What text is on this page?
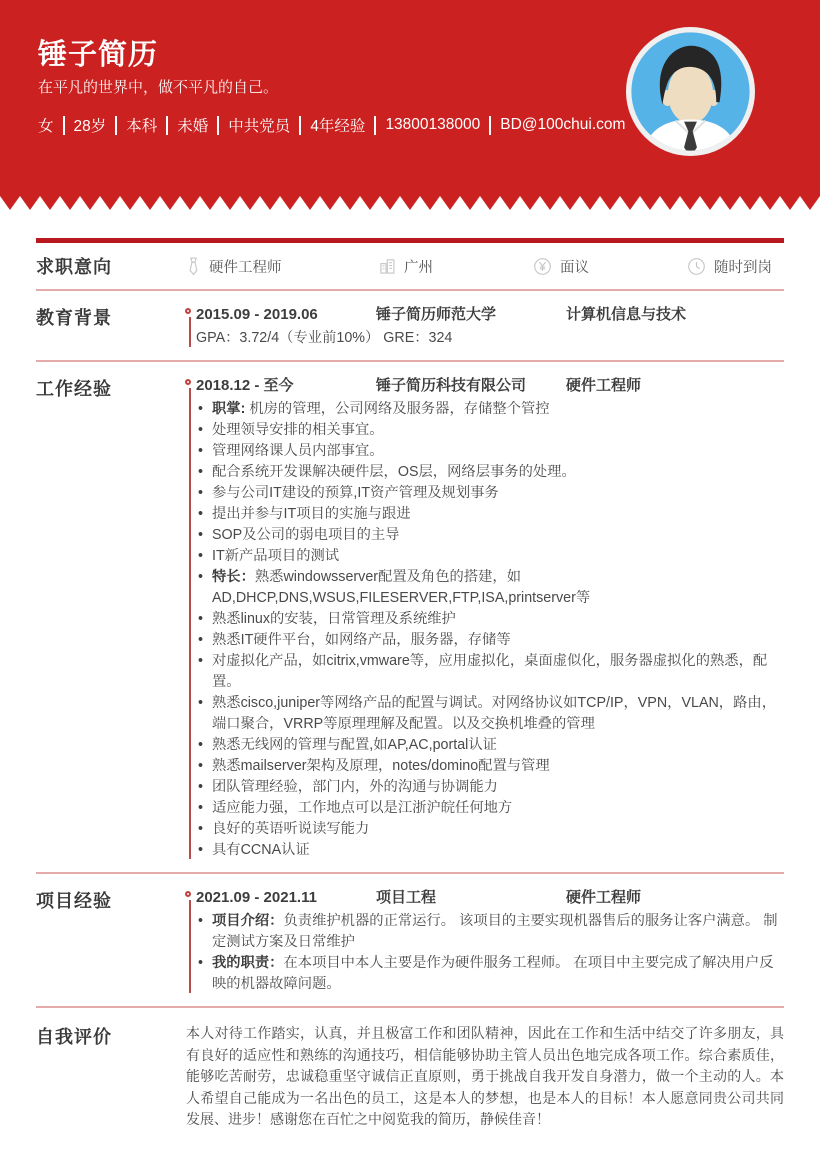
锤子简历
在平凡的世界中，做不平凡的自己。
女 28岁 本科 未婚 中共党员 4年经验 13800138000 BD@100chui.com
求职意向	硬件工程师	广州	面议	随时到岗
教育背景	2015.09 - 2019.06	锤子简历师范大学	计算机信息与技术
GPA：3.72/4（专业前10%） GRE：324
工作经验	2018.12 - 至今	锤子简历科技有限公司	硬件工程师
• 职掌: 机房的管理，公司网络及服务器，存储整个管控
• 处理领导安排的相关事宜。
• 管理网络课人员内部事宜。
• 配合系统开发课解决硬件层，OS层，网络层事务的处理。
• 参与公司IT建设的预算,IT资产管理及规划事务
• 提出并参与IT项目的实施与跟进
• SOP及公司的弱电项目的主导
• IT新产品项目的测试
• 特长：熟悉windowsserver配置及角色的搭建，如AD,DHCP,DNS,WSUS,FILESERVER,FTP,ISA,printserver等
• 熟悉linux的安装，日常管理及系统维护
• 熟悉IT硬件平台，如网络产品，服务器，存储等
• 对虚拟化产品，如citrix,vmware等，应用虚拟化，桌面虚似化，服务器虚拟化的熟悉，配置。
• 熟悉cisco,juniper等网络产品的配置与调试。对网络协议如TCP/IP，VPN，VLAN，路由，端口聚合，VRRP等原理理解及配置。以及交换机堆叠的管理
• 熟悉无线网的管理与配置,如AP,AC,portal认证
• 熟悉mailserver架构及原理，notes/domino配置与管理
• 团队管理经验，部门内，外的沟通与协调能力
• 适应能力强，工作地点可以是江浙沪皖任何地方
• 良好的英语听说读写能力
• 具有CCNA认证
项目经验	2021.09 - 2021.11	项目工程	硬件工程师
• 项目介绍：负责维护机器的正常运行。 该项目的主要实现机器售后的服务让客户满意。 制定测试方案及日常维护
• 我的职责：在本项目中本人主要是作为硬件服务工程师。 在项目中主要完成了解决用户反映的机器故障问题。
自我评价	本人对待工作踏实，认真，并且极富工作和团队精神，因此在工作和生活中结交了许多朋友，具有良好的适应性和熟练的沟通技巧，相信能够协助主管人员出色地完成各项工作。综合素质佳，能够吃苦耐劳，忠诚稳重坚守诚信正直原则，勇于挑战自我开发自身潜力，做一个主动的人。本人希望自己能成为一名出色的员工，这是本人的梦想，也是本人的目标！本人愿意同贵公司共同发展、进步！感谢您在百忙之中阅览我的简历，静候佳音！
